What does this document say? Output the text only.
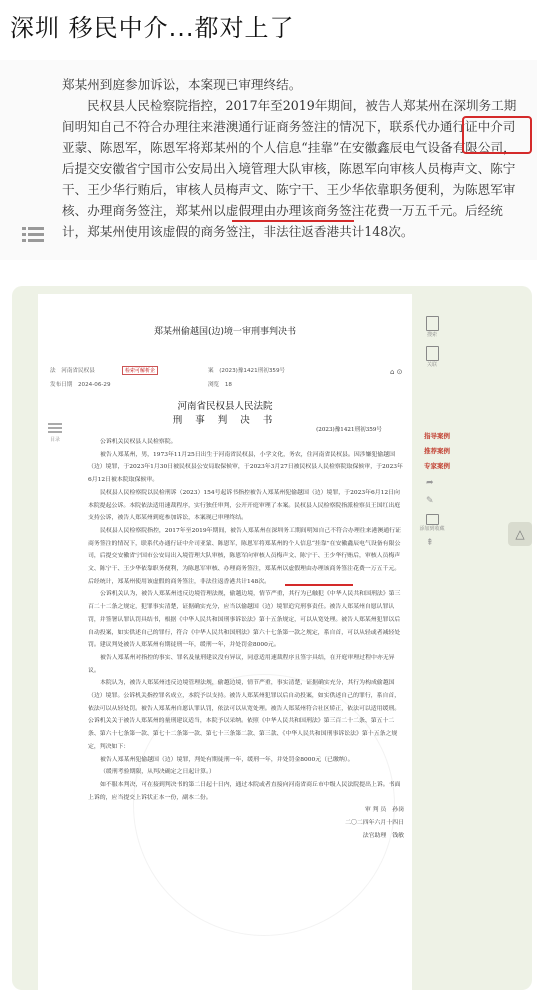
深圳 移民中介...都对上了

郑某州到庭参加诉讼，本案现已审理终结。

民权县人民检察院指控，2017年至2019年期间，被告人郑某州在深圳务工期间明知自己不符合办理往来港澳通行证商务签注的情况下，联系代办通行证中介司亚蒙、陈恩军，陈恩军将郑某州的个人信息“挂靠”在安徽鑫辰电气设备有限公司，后提交安徽省宁国市公安局出入境管理大队审核，陈恩军向审核人员梅声文、陈宁干、王少华行贿后，审核人员梅声文、陈宁干、王少华依靠职务便利，为陈恩军审核、办理商务签注，郑某州以虚假理由办理该商务签注花费一万五千元。后经统计，郑某州使用该虚假的商务签注，非法往返香港共计148次。

郑某州偷越国(边)境一审刑事判决书
法　 河南省民权县	检索可解析企	案　 (2023)豫1421刑初359号
发布日期　 2024-06-29	浏览　 18
⌂ ⊙
河南省民权县人民法院
刑 事 判 决 书
(2023)豫1421刑初359号

公诉机关民权县人民检察院。

被告人郑某州，男，1973年11月25日出生于河南省民权县，小学文化，务农，住河南省民权县。因涉嫌犯偷越国（边）境罪，于2023年1月30日被民权县公安局取保候审，于2023年3月27日被民权县人民检察院取保候审，于2023年6月12日被本院取保候审。

民权县人民检察院以民检刑诉（2023）154号起诉书指控被告人郑某州犯偷越国（边）境罪，于2023年6月12日向本院提起公诉。本院依法适用速裁程序，实行独任审判，公开开庭审理了本案。民权县人民检察院指派检察员王国红出庭支持公诉，被告人郑某州到庭参加诉讼，本案现已审理终结。

民权县人民检察院指控，2017年至2019年期间，被告人郑某州在深圳务工期间明知自己不符合办理往来港澳通行证商务签注的情况下，联系代办通行证中介司亚蒙、陈恩军，陈恩军将郑某州的个人信息“挂靠”在安徽鑫辰电气设备有限公司，后提交安徽省宁国市公安局出入境管理大队审核，陈恩军向审核人员梅声文、陈宁干、王少华行贿后，审核人员梅声文、陈宁干、王少华依靠职务便利，为陈恩军审核、办理商务签注，郑某州以虚假理由办理该商务签注花费一万五千元。后经统计，郑某州使用该虚假的商务签注，非法往返香港共计148次。

公诉机关认为，被告人郑某州违反边境管理法规，偷越边境，情节严重，其行为已触犯《中华人民共和国刑法》第三百二十二条之规定，犯罪事实清楚，证据确实充分，应当以偷越国（边）境罪追究刑事责任。被告人郑某州自愿认罪认罚，并签署认罪认罚具结书，根据《中华人民共和国刑事诉讼法》第十五条规定，可以从宽处理。被告人郑某州犯罪以后自动投案，如实供述自己的罪行，符合《中华人民共和国刑法》第六十七条第一款之规定，系自首，可以从轻或者减轻处罚。建议判处被告人郑某州有期徒刑一年，缓刑一年，并处罚金8000元。

被告人郑某州对指控的事实、罪名及量刑建议没有异议，同意适用速裁程序且签字具结，在开庭审理过程中亦无异议。

本院认为，被告人郑某州违反边境管理法规，偷越边境，情节严重，事实清楚，证据确实充分，其行为构成偷越国（边）境罪。公诉机关指控罪名成立，本院予以支持。被告人郑某州犯罪以后自动投案，如实供述自己的罪行，系自首，依法可以从轻处罚。被告人郑某州自愿认罪认罚，依法可以从宽处理。被告人郑某州符合社区矫正，依法可以适用缓刑。公诉机关关于被告人郑某州的量刑建议适当，本院予以采纳。依照《中华人民共和国刑法》第三百二十二条、第五十二条、第六十七条第一款、第七十二条第一款、第七十三条第二款、第三款、《中华人民共和国刑事诉讼法》第十五条之规定，判决如下：

被告人郑某州犯偷越国（边）境罪，判处有期徒刑一年，缓刑一年，并处罚金8000元（已缴纳）。

（缓刑考验期限，从判决确定之日起计算。）

如不服本判决，可在接到判决书的第二日起十日内，通过本院或者直接向河南省商丘市中级人民法院提出上诉。书面上诉的，应当提交上诉状正本一份，副本二份。

审 判 员　孙岗

二〇二四年六月十四日

法官助理　钱敏

目录
搜索
关联
指导案例
推荐案例
专家案例
➦
✎
添加到收藏
⇞
△
